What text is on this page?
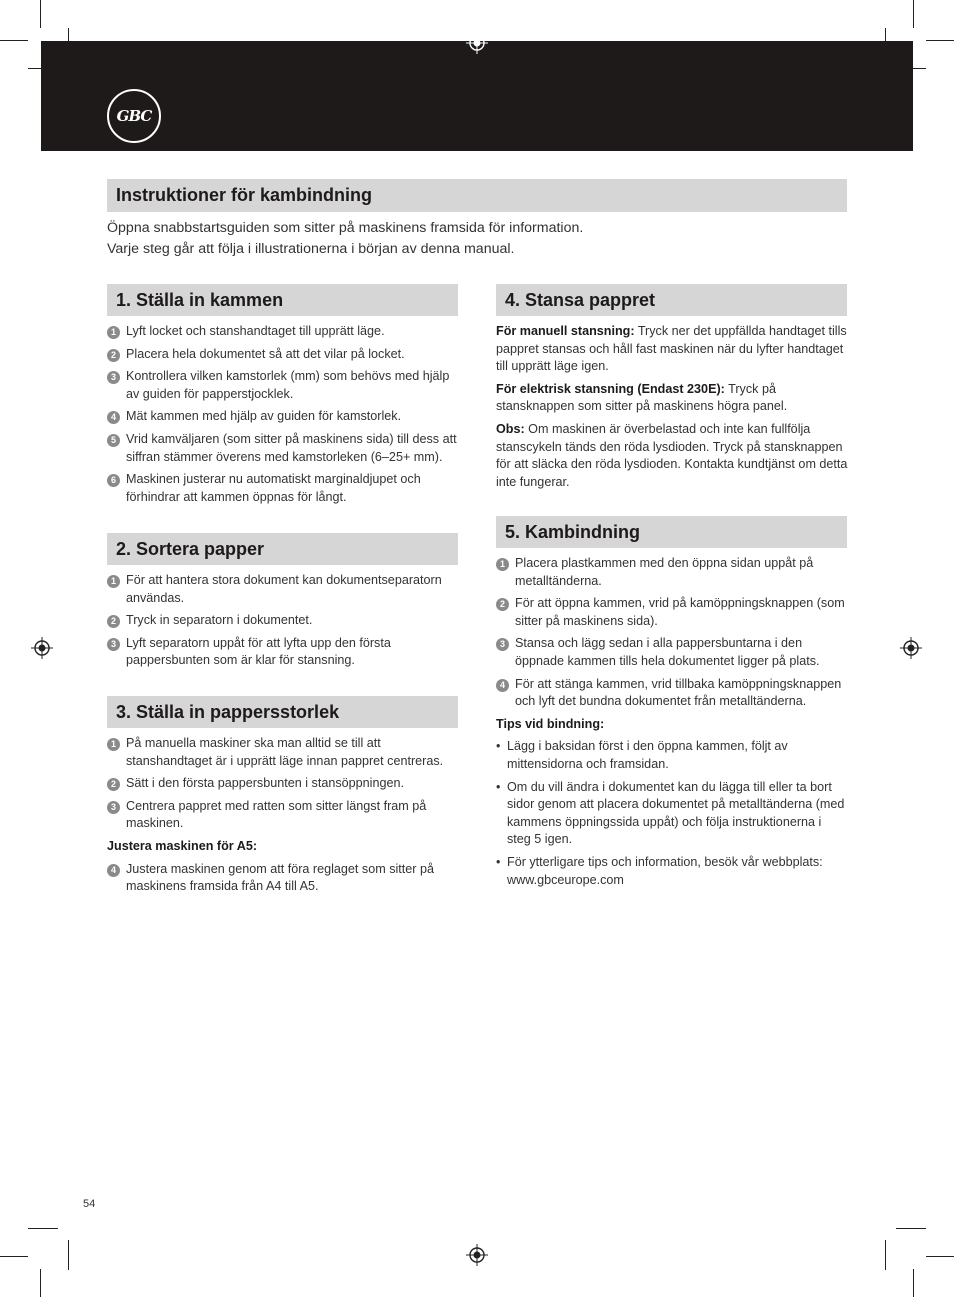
GBC
Instruktioner för kambindning

Öppna snabbstartsguiden som sitter på maskinens framsida för information.

Varje steg går att följa i illustrationerna i början av denna manual.

1. Ställa in kammen
1 Lyft locket och stanshandtaget till upprätt läge.
2 Placera hela dokumentet så att det vilar på locket.
3 Kontrollera vilken kamstorlek (mm) som behövs med hjälp av guiden för papperstjocklek.
4 Mät kammen med hjälp av guiden för kamstorlek.
5 Vrid kamväljaren (som sitter på maskinens sida) till dess att siffran stämmer överens med kamstorleken (6–25+ mm).
6 Maskinen justerar nu automatiskt marginaldjupet och förhindrar att kammen öppnas för långt.
2. Sortera papper
1 För att hantera stora dokument kan dokumentseparatorn användas.
2 Tryck in separatorn i dokumentet.
3 Lyft separatorn uppåt för att lyfta upp den första pappersbunten som är klar för stansning.
3. Ställa in pappersstorlek
1 På manuella maskiner ska man alltid se till att stanshandtaget är i upprätt läge innan pappret centreras.
2 Sätt i den första pappersbunten i stansöppningen.
3 Centrera pappret med ratten som sitter längst fram på maskinen.
Justera maskinen för A5:
4 Justera maskinen genom att föra reglaget som sitter på maskinens framsida från A4 till A5.
4. Stansa pappret

För manuell stansning: Tryck ner det uppfällda handtaget tills pappret stansas och håll fast maskinen när du lyfter handtaget till upprätt läge igen.

För elektrisk stansning (Endast 230E): Tryck på stansknappen som sitter på maskinens högra panel.

Obs: Om maskinen är överbelastad och inte kan fullfölja stanscykeln tänds den röda lysdioden. Tryck på stansknappen för att släcka den röda lysdioden. Kontakta kundtjänst om detta inte fungerar.

5. Kambindning
1 Placera plastkammen med den öppna sidan uppåt på metalltänderna.
2 För att öppna kammen, vrid på kamöppningsknappen (som sitter på maskinens sida).
3 Stansa och lägg sedan i alla pappersbuntarna i den öppnade kammen tills hela dokumentet ligger på plats.
4 För att stänga kammen, vrid tillbaka kamöppningsknappen och lyft det bundna dokumentet från metalltänderna.
Tips vid bindning:
• Lägg i baksidan först i den öppna kammen, följt av mittensidorna och framsidan.
• Om du vill ändra i dokumentet kan du lägga till eller ta bort sidor genom att placera dokumentet på metalltänderna (med kammens öppningssida uppåt) och följa instruktionerna i steg 5 igen.
• För ytterligare tips och information, besök vår webbplats: www.gbceurope.com
54
